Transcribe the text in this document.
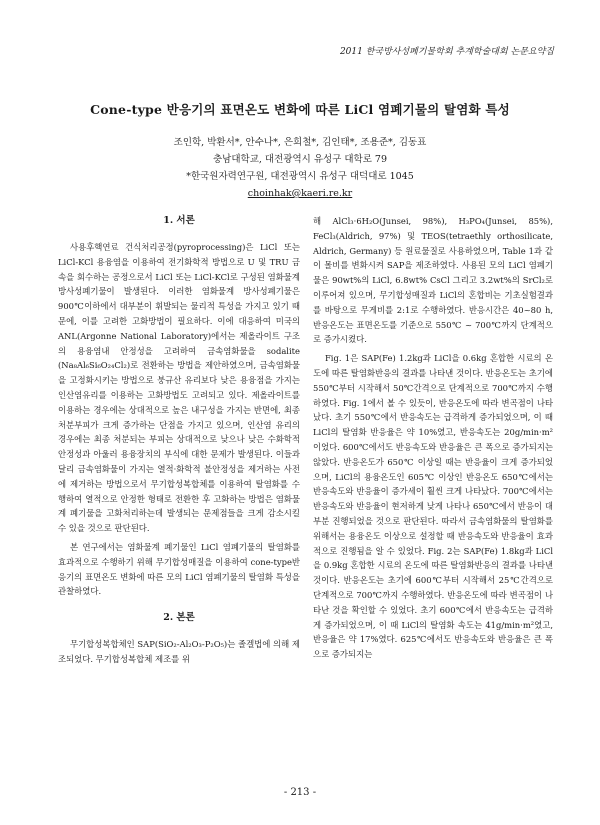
2011 한국방사성폐기물학회 추계학술대회 논문요약집
Cone-type 반응기의 표면온도 변화에 따른 LiCl 염폐기물의 탈염화 특성
조인학, 박환서*, 안수나*, 은희철*, 김인태*, 조용준*, 김동표
충남대학교, 대전광역시 유성구 대학로 79
*한국원자력연구원, 대전광역시 유성구 대덕대로 1045
choinhak@kaeri.re.kr
1. 서론

사용후핵연료 건식처리공정(pyroprocessing)은 LiCl 또는 LiCl-KCl 용융염을 이용하여 전기화학적 방법으로 U 및 TRU 금속을 회수하는 공정으로서 LiCl 또는 LiCl-KCl로 구성된 염화물계 방사성폐기물이 발생된다. 이러한 염화물계 방사성폐기물은 900℃이하에서 대부분이 휘발되는 물리적 특성을 가지고 있기 때문에, 이를 고려한 고화방법이 필요하다. 이에 대응하여 미국의 ANL(Argonne National Laboratory)에서는 제올라이트 구조의 용융염내 안정성을 고려하여 금속염화물을 sodalite (Na₈Al₆Si₆O₂₄Cl₂)로 전환하는 방법을 제안하였으며, 금속염화물을 고정화시키는 방법으로 붕규산 유리보다 낮은 용융점을 가지는 인산염유리를 이용하는 고화방법도 고려되고 있다. 제올라이트를 이용하는 경우에는 상대적으로 높은 내구성을 가지는 반면에, 최종처분부피가 크게 증가하는 단점을 가지고 있으며, 인산염 유리의 경우에는 최종 처분되는 부피는 상대적으로 낮으나 낮은 수화학적 안정성과 아울러 용융장치의 부식에 대한 문제가 발생된다. 이들과 달리 금속염화물이 가지는 열적·화학적 불안정성을 제거하는 사전에 제거하는 방법으로서 무기합성복합체를 이용하여 탈염화를 수행하여 열적으로 안정한 형태로 전환한 후 고화하는 방법은 염화물계 폐기물을 고화처리하는데 발생되는 문제점들을 크게 감소시킬 수 있을 것으로 판단된다.

본 연구에서는 염화물계 폐기물인 LiCl 염폐기물의 탈염화를 효과적으로 수행하기 위해 무기합성매질을 이용하여 cone-type반응기의 표면온도 변화에 따른 모의 LiCl 염폐기물의 탈염화 특성을 관찰하였다.

2. 본론

무기합성복합체인 SAP(SiO₂-Al₂O₃-P₂O₅)는 졸겔법에 의해 제조되었다. 무기합성복합체 제조를 위

해 AlCl₃·6H₂O(Junsei, 98%), H₃PO₄(Junsei, 85%), FeCl₃(Aldrich, 97%) 및 TEOS(tetraethly orthosilicate, Aldrich, Germany) 등 원료물질로 사용하였으며, Table 1과 같이 몰비를 변화시켜 SAP을 제조하였다. 사용된 모의 LiCl 염폐기물은 90wt%의 LiCl, 6.8wt% CsCl 그리고 3.2wt%의 SrCl₂로 이루어져 있으며, 무기합성매질과 LiCl의 혼합비는 기초실험결과를 바탕으로 무게비를 2:1로 수행하였다. 반응시간은 40~80 h, 반응온도는 표면온도를 기준으로 550℃ ~ 700℃까지 단계적으로 증가시켰다.

Fig. 1은 SAP(Fe) 1.2kg과 LiCl을 0.6kg 혼합한 시료의 온도에 따른 탈염화반응의 결과를 나타낸 것이다. 반응온도는 초기에 550℃부터 시작해서 50℃간격으로 단계적으로 700℃까지 수행하였다. Fig. 1에서 볼 수 있듯이, 반응온도에 따라 변곡점이 나타났다. 초기 550℃에서 반응속도는 급격하게 증가되었으며, 이 때 LiCl의 탈염화 반응율은 약 10%였고, 반응속도는 20g/min·m²이었다. 600℃에서도 반응속도와 반응율은 큰 폭으로 증가되지는 않았다. 반응온도가 650℃ 이상일 때는 반응율이 크게 증가되었으며, LiCl의 용융온도인 605℃ 이상인 반응온도 650℃에서는 반응속도와 반응율이 증가세이 훨씬 크게 나타났다. 700℃에서는 반응속도와 반응율이 현저하게 낮게 나타나 650℃에서 반응이 대부분 진행되었을 것으로 판단된다. 따라서 금속염화물의 탈염화를 위해서는 용융온도 이상으로 설정할 때 반응속도와 반응율이 효과적으로 진행됨을 알 수 있었다. Fig. 2는 SAP(Fe) 1.8kg과 LiCl을 0.9kg 혼합한 시료의 온도에 따른 탈염화반응의 결과를 나타낸 것이다. 반응온도는 초기에 600℃부터 시작해서 25℃간격으로 단계적으로 700℃까지 수행하였다. 반응온도에 따라 변곡점이 나타난 것을 확인할 수 있었다. 초기 600℃에서 반응속도는 급격하게 증가되었으며, 이 때 LiCl의 탈염화 속도는 41g/min·m²였고, 반응율은 약 17%였다. 625℃에서도 반응속도와 반응율은 큰 폭으로 증가되지는

- 213 -
